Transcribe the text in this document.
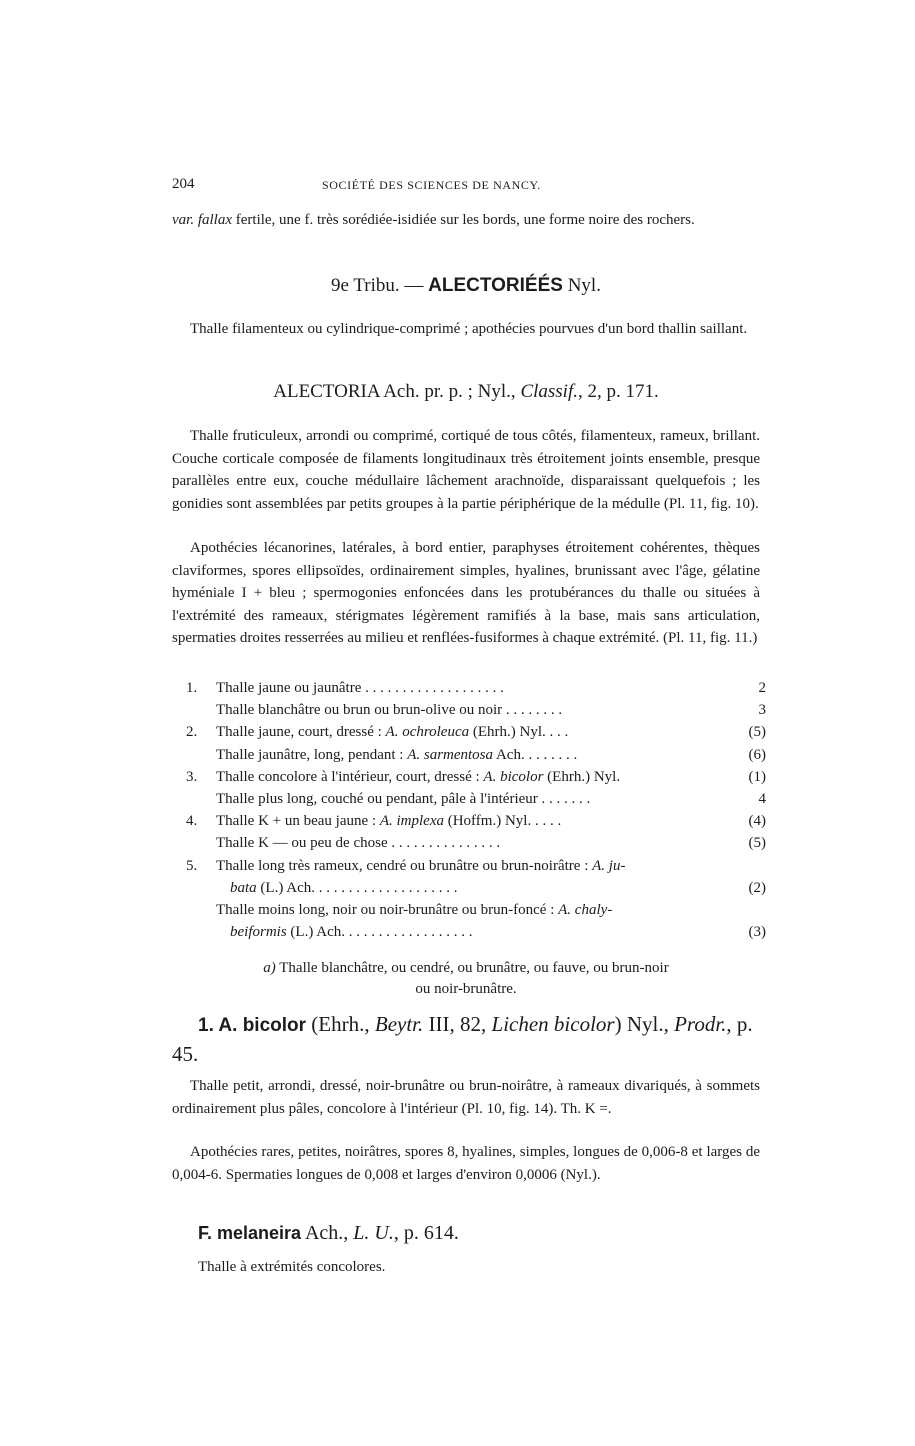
204	SOCIÉTÉ DES SCIENCES DE NANCY.

var. fallax fertile, une f. très sorédiée-isidiée sur les bords, une forme noire des rochers.

9e Tribu. — ALECTORIÉÉS Nyl.

Thalle filamenteux ou cylindrique-comprimé ; apothécies pourvues d'un bord thallin saillant.

ALECTORIA Ach. pr. p. ; Nyl., Classif., 2, p. 171.

Thalle fruticuleux, arrondi ou comprimé, cortiqué de tous côtés, filamenteux, rameux, brillant. Couche corticale composée de filaments longitudinaux très étroitement joints ensemble, presque parallèles entre eux, couche médullaire lâchement arachnoïde, disparaissant quelquefois ; les gonidies sont assemblées par petits groupes à la partie périphérique de la médulle (Pl. 11, fig. 10).

Apothécies lécanorines, latérales, à bord entier, paraphyses étroitement cohérentes, thèques claviformes, spores ellipsoïdes, ordinairement simples, hyalines, brunissant avec l'âge, gélatine hyméniale I + bleu ; spermogonies enfoncées dans les protubérances du thalle ou situées à l'extrémité des rameaux, stérigmates légèrement ramifiés à la base, mais sans articulation, spermaties droites resserrées au milieu et renflées-fusiformes à chaque extrémité. (Pl. 11, fig. 11.)

1. Thalle jaune ou jaunâtre . . . . . . . . . . . . . . . . . . .	2
Thalle blanchâtre ou brun ou brun-olive ou noir . . . . . . . .	3
2. Thalle jaune, court, dressé : A. ochroleuca (Ehrh.) Nyl. . . .	(5)
Thalle jaunâtre, long, pendant : A. sarmentosa Ach. . . . . . . .	(6)
3. Thalle concolore à l'intérieur, court, dressé : A. bicolor (Ehrh.) Nyl.	(1)
Thalle plus long, couché ou pendant, pâle à l'intérieur . . . . . . .	4
4. Thalle K + un beau jaune : A. implexa (Hoffm.) Nyl. . . . .	(4)
Thalle K — ou peu de chose . . . . . . . . . . . . . . .	(5)
5. Thalle long très rameux, cendré ou brunâtre ou brun-noirâtre : A. ju-
bata (L.) Ach. . . . . . . . . . . . . . . . . . . .	(2)
Thalle moins long, noir ou noir-brunâtre ou brun-foncé : A. chaly-
beiformis (L.) Ach. . . . . . . . . . . . . . . . . .	(3)
a) Thalle blanchâtre, ou cendré, ou brunâtre, ou fauve, ou brun-noir
ou noir-brunâtre.
1. A. bicolor (Ehrh., Beytr. III, 82, Lichen bicolor) Nyl., Prodr., p. 45.

Thalle petit, arrondi, dressé, noir-brunâtre ou brun-noirâtre, à rameaux divariqués, à sommets ordinairement plus pâles, concolore à l'intérieur (Pl. 10, fig. 14). Th. K =.

Apothécies rares, petites, noirâtres, spores 8, hyalines, simples, longues de 0,006-8 et larges de 0,004-6. Spermaties longues de 0,008 et larges d'environ 0,0006 (Nyl.).

F. melaneira Ach., L. U., p. 614.

Thalle à extrémités concolores.
